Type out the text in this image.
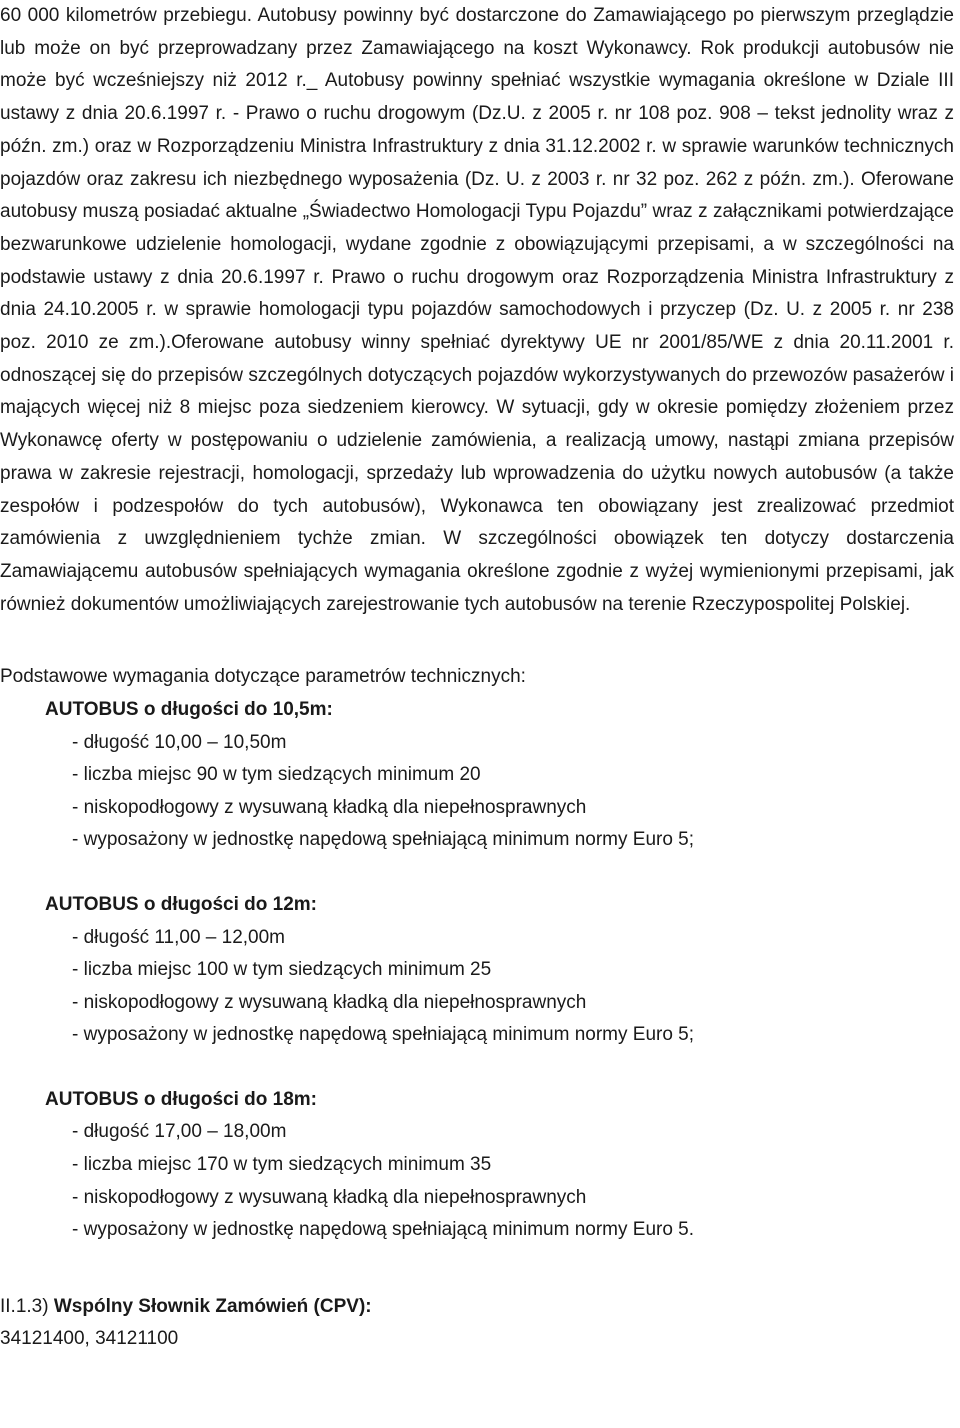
60 000 kilometrów przebiegu. Autobusy powinny być dostarczone do Zamawiającego po pierwszym przeglądzie lub może on być przeprowadzany przez Zamawiającego na koszt Wykonawcy. Rok produkcji autobusów nie może być wcześniejszy niż 2012 r._ Autobusy powinny spełniać wszystkie wymagania określone w Dziale III ustawy z dnia 20.6.1997 r. - Prawo o ruchu drogowym (Dz.U. z 2005 r. nr 108 poz. 908 – tekst jednolity wraz z późn. zm.) oraz w Rozporządzeniu Ministra Infrastruktury z dnia 31.12.2002 r. w sprawie warunków technicznych pojazdów oraz zakresu ich niezbędnego wyposażenia (Dz. U. z 2003 r. nr 32 poz. 262 z późn. zm.). Oferowane autobusy muszą posiadać aktualne „Świadectwo Homologacji Typu Pojazdu” wraz z załącznikami potwierdzające bezwarunkowe udzielenie homologacji, wydane zgodnie z obowiązującymi przepisami, a w szczególności na podstawie ustawy z dnia 20.6.1997 r. Prawo o ruchu drogowym oraz Rozporządzenia Ministra Infrastruktury z dnia 24.10.2005 r. w sprawie homologacji typu pojazdów samochodowych i przyczep (Dz. U. z 2005 r. nr 238 poz. 2010 ze zm.).Oferowane autobusy winny spełniać dyrektywy UE nr 2001/85/WE z dnia 20.11.2001 r. odnoszącej się do przepisów szczególnych dotyczących pojazdów wykorzystywanych do przewozów pasażerów i mających więcej niż 8 miejsc poza siedzeniem kierowcy. W sytuacji, gdy w okresie pomiędzy złożeniem przez Wykonawcę oferty w postępowaniu o udzielenie zamówienia, a realizacją umowy, nastąpi zmiana przepisów prawa w zakresie rejestracji, homologacji, sprzedaży lub wprowadzenia do użytku nowych autobusów (a także zespołów i podzespołów do tych autobusów), Wykonawca ten obowiązany jest zrealizować przedmiot zamówienia z uwzględnieniem tychże zmian. W szczególności obowiązek ten dotyczy dostarczenia Zamawiającemu autobusów spełniających wymagania określone zgodnie z wyżej wymienionymi przepisami, jak również dokumentów umożliwiających zarejestrowanie tych autobusów na terenie Rzeczypospolitej Polskiej.

Podstawowe wymagania dotyczące parametrów technicznych:

AUTOBUS o długości do 10,5m:

- długość 10,00 – 10,50m
- liczba miejsc 90 w tym siedzących minimum 20
- niskopodłogowy z wysuwaną kładką dla niepełnosprawnych
- wyposażony w jednostkę napędową spełniającą minimum normy Euro 5;

AUTOBUS o długości do 12m:

- długość 11,00 – 12,00m
- liczba miejsc 100 w tym siedzących minimum 25
- niskopodłogowy z wysuwaną kładką dla niepełnosprawnych
- wyposażony w jednostkę napędową spełniającą minimum normy Euro 5;

AUTOBUS o długości do 18m:

- długość 17,00 – 18,00m
- liczba miejsc 170 w tym siedzących minimum 35
- niskopodłogowy z wysuwaną kładką dla niepełnosprawnych
- wyposażony w jednostkę napędową spełniającą minimum normy Euro 5.
II.1.3) Wspólny Słownik Zamówień (CPV):
34121400, 34121100
